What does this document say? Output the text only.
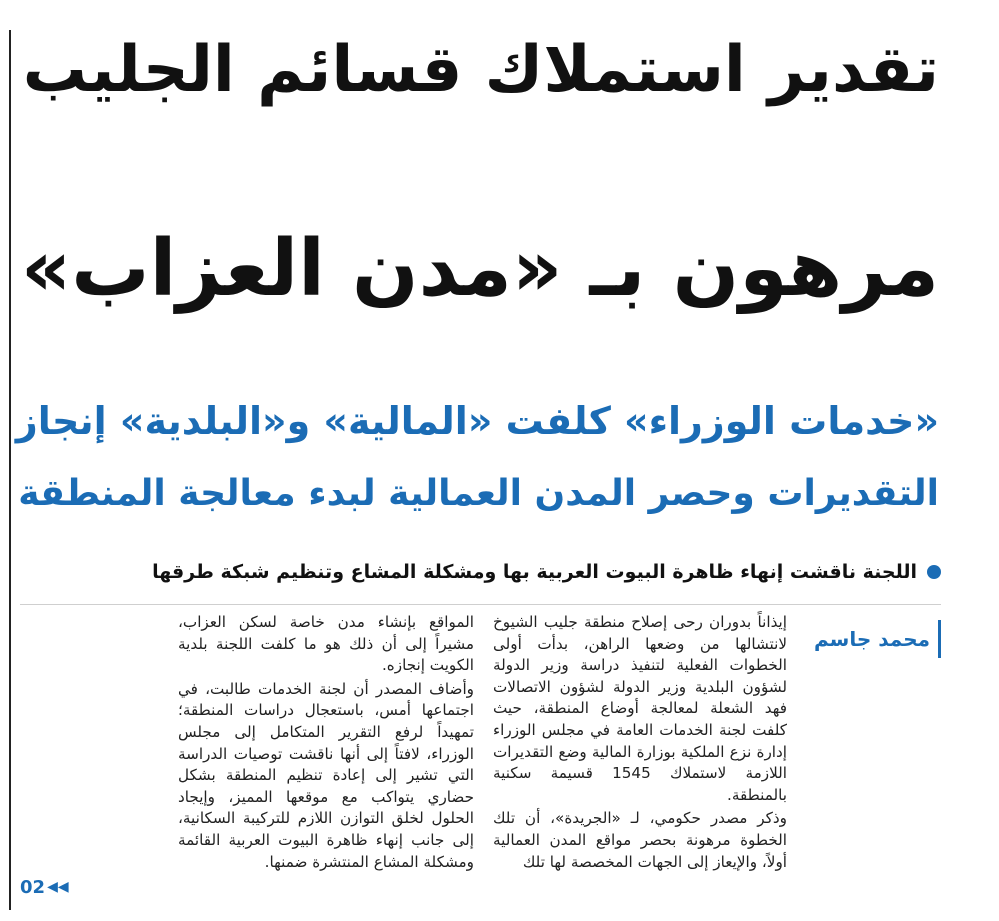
تقدير استملاك قسائم الجليب
مرهون بـ «مدن العزاب»
«خدمات الوزراء» كلفت «المالية» و«البلدية» إنجاز
التقديرات وحصر المدن العمالية لبدء معالجة المنطقة
اللجنة ناقشت إنهاء ظاهرة البيوت العربية بها ومشكلة المشاع وتنظيم شبكة طرقها
محمد جاسم

إيذاناً بدوران رحى إصلاح منطقة جليب الشيوخ لانتشالها من وضعها الراهن، بدأت أولى الخطوات الفعلية لتنفيذ دراسة وزير الدولة لشؤون البلدية وزير الدولة لشؤون الاتصالات فهد الشعلة لمعالجة أوضاع المنطقة، حيث كلفت لجنة الخدمات العامة في مجلس الوزراء إدارة نزع الملكية بوزارة المالية وضع التقديرات اللازمة لاستملاك 1545 قسيمة سكنية بالمنطقة.

وذكر مصدر حكومي، لـ «الجريدة»، أن تلك الخطوة مرهونة بحصر مواقع المدن العمالية أولاً، والإيعاز إلى الجهات المخصصة لها تلك

المواقع بإنشاء مدن خاصة لسكن العزاب، مشيراً إلى أن ذلك هو ما كلفت اللجنة بلدية الكويت إنجازه.

وأضاف المصدر أن لجنة الخدمات طالبت، في اجتماعها أمس، باستعجال دراسات المنطقة؛ تمهيداً لرفع التقرير المتكامل إلى مجلس الوزراء، لافتاً إلى أنها ناقشت توصيات الدراسة التي تشير إلى إعادة تنظيم المنطقة بشكل حضاري يتواكب مع موقعها المميز، وإيجاد الحلول لخلق التوازن اللازم للتركيبة السكانية، إلى جانب إنهاء ظاهرة البيوت العربية القائمة ومشكلة المشاع المنتشرة ضمنها.

02 ◀◀
